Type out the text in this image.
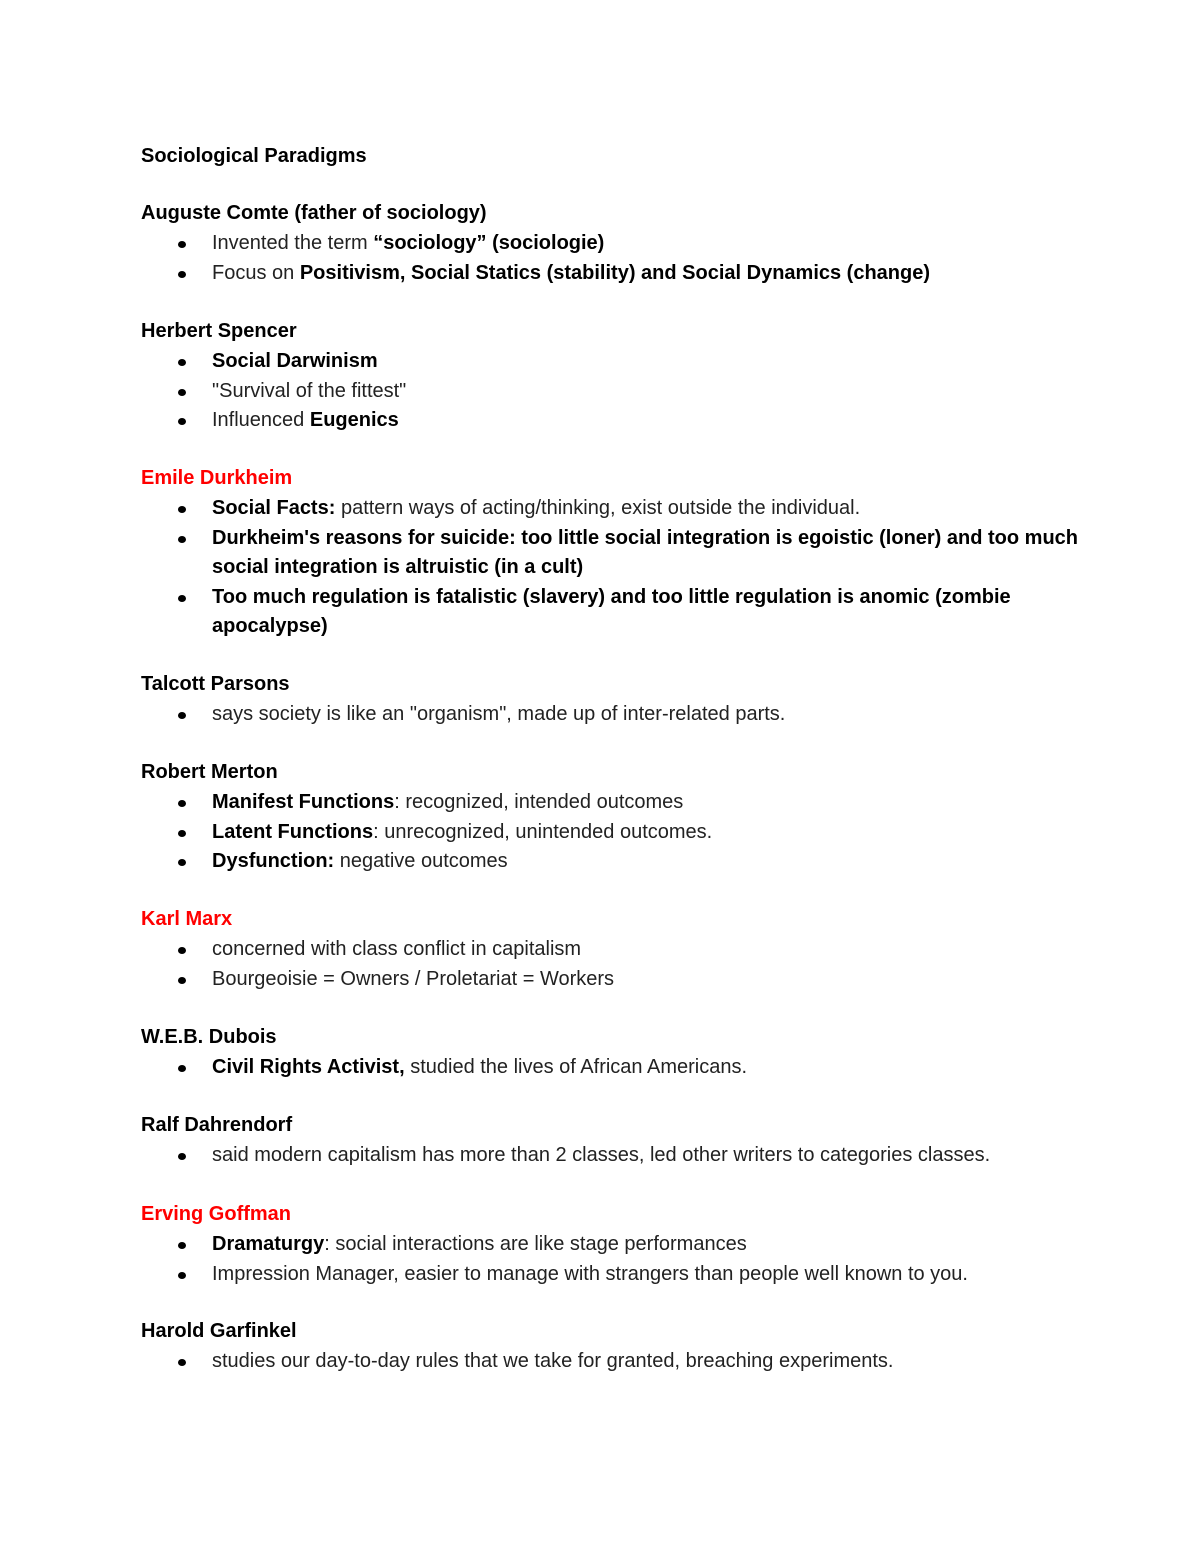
Sociological Paradigms
Auguste Comte (father of sociology)
Invented the term “sociology” (sociologie)
Focus on Positivism, Social Statics (stability) and Social Dynamics (change)
Herbert Spencer
Social Darwinism
"Survival of the fittest"
Influenced Eugenics
Emile Durkheim
Social Facts: pattern ways of acting/thinking, exist outside the individual.
Durkheim's reasons for suicide: too little social integration is egoistic (loner) and too much social integration is altruistic (in a cult)
Too much regulation is fatalistic (slavery) and too little regulation is anomic (zombie apocalypse)
Talcott Parsons
says society is like an "organism", made up of inter-related parts.
Robert Merton
Manifest Functions: recognized, intended outcomes
Latent Functions: unrecognized, unintended outcomes.
Dysfunction: negative outcomes
Karl Marx
concerned with class conflict in capitalism
Bourgeoisie = Owners / Proletariat = Workers
W.E.B. Dubois
Civil Rights Activist, studied the lives of African Americans.
Ralf Dahrendorf
said modern capitalism has more than 2 classes, led other writers to categories classes.
Erving Goffman
Dramaturgy: social interactions are like stage performances
Impression Manager, easier to manage with strangers than people well known to you.
Harold Garfinkel
studies our day-to-day rules that we take for granted, breaching experiments.
